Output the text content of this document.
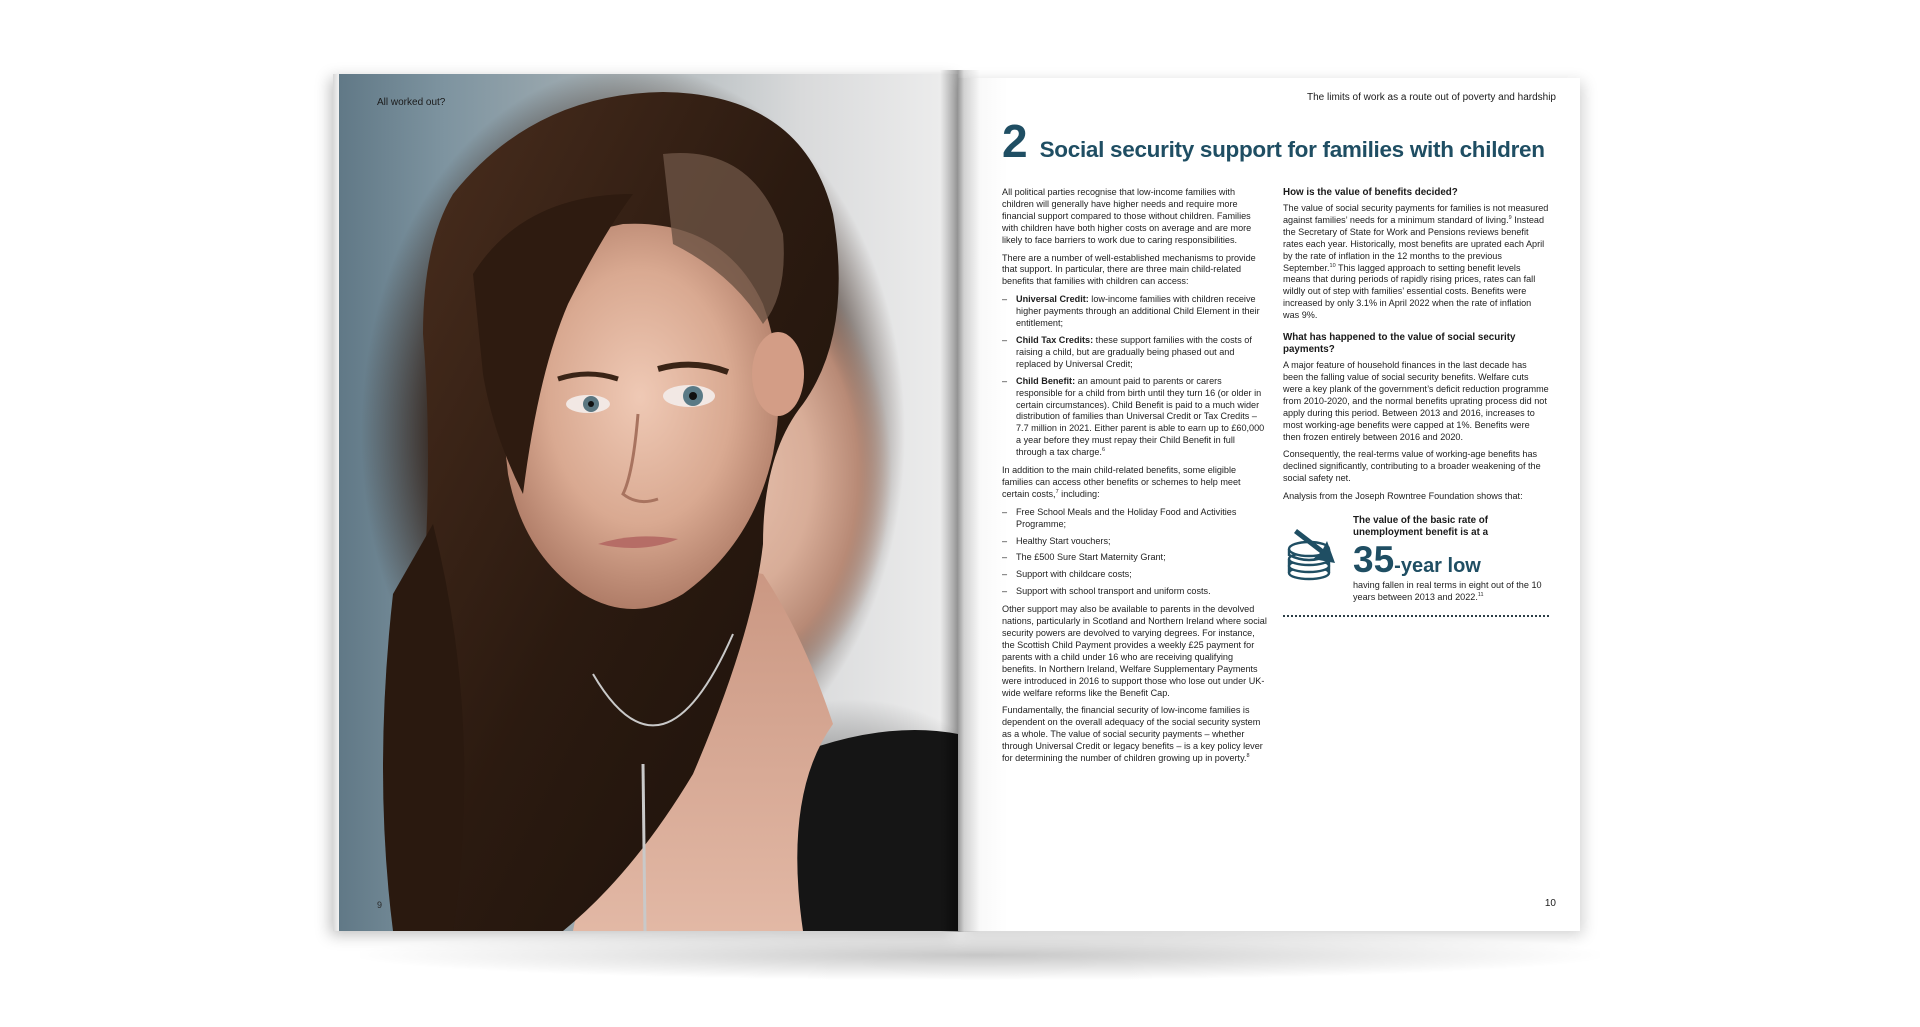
All worked out?
9
The limits of work as a route out of poverty and hardship
2 Social security support for families with children

All political parties recognise that low-income families with children will generally have higher needs and require more financial support compared to those without children. Families with children have both higher costs on average and are more likely to face barriers to work due to caring responsibilities.

There are a number of well-established mechanisms to provide that support. In particular, there are three main child-related benefits that families with children can access:

– Universal Credit: low-income families with children receive higher payments through an additional Child Element in their entitlement;
– Child Tax Credits: these support families with the costs of raising a child, but are gradually being phased out and replaced by Universal Credit;
– Child Benefit: an amount paid to parents or carers responsible for a child from birth until they turn 16 (or older in certain circumstances). Child Benefit is paid to a much wider distribution of families than Universal Credit or Tax Credits – 7.7 million in 2021. Either parent is able to earn up to £60,000 a year before they must repay their Child Benefit in full through a tax charge.$^6$

In addition to the main child-related benefits, some eligible families can access other benefits or schemes to help meet certain costs,$^7$ including:

– Free School Meals and the Holiday Food and Activities Programme;
– Healthy Start vouchers;
– The £500 Sure Start Maternity Grant;
– Support with childcare costs;
– Support with school transport and uniform costs.

Other support may also be available to parents in the devolved nations, particularly in Scotland and Northern Ireland where social security powers are devolved to varying degrees. For instance, the Scottish Child Payment provides a weekly £25 payment for parents with a child under 16 who are receiving qualifying benefits. In Northern Ireland, Welfare Supplementary Payments were introduced in 2016 to support those who lose out under UK-wide welfare reforms like the Benefit Cap.

Fundamentally, the financial security of low-income families is dependent on the overall adequacy of the social security system as a whole. The value of social security payments – whether through Universal Credit or legacy benefits – is a key policy lever for determining the number of children growing up in poverty.$^8$

How is the value of benefits decided?

The value of social security payments for families is not measured against families’ needs for a minimum standard of living.$^9$ Instead the Secretary of State for Work and Pensions reviews benefit rates each year. Historically, most benefits are uprated each April by the rate of inflation in the 12 months to the previous September.$^{10}$ This lagged approach to setting benefit levels means that during periods of rapidly rising prices, rates can fall wildly out of step with families’ essential costs. Benefits were increased by only 3.1% in April 2022 when the rate of inflation was 9%.

What has happened to the value of social security payments?

A major feature of household finances in the last decade has been the falling value of social security benefits. Welfare cuts were a key plank of the government’s deficit reduction programme from 2010-2020, and the normal benefits uprating process did not apply during this period. Between 2013 and 2016, increases to most working-age benefits were capped at 1%. Benefits were then frozen entirely between 2016 and 2020.

Consequently, the real-terms value of working-age benefits has declined significantly, contributing to a broader weakening of the social safety net.

Analysis from the Joseph Rowntree Foundation shows that:

The value of the basic rate of unemployment benefit is at a
35-year low
having fallen in real terms in eight out of the 10 years between 2013 and 2022.11
10
